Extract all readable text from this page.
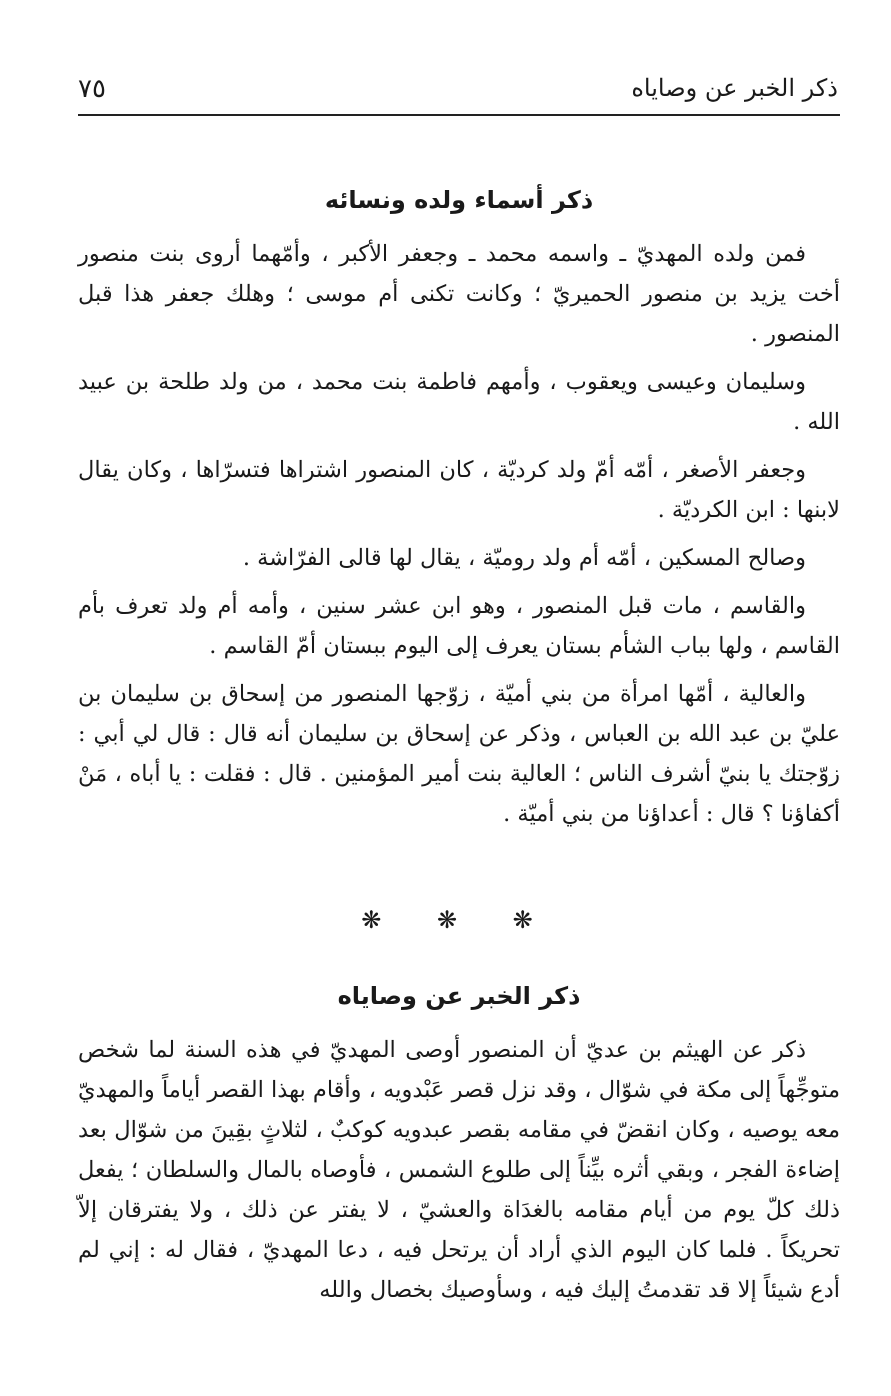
ذكر الخبر عن وصاياه
٧٥
ذكر أسماء ولده ونسائه

فمن ولده المهديّ ـ واسمه محمد ـ وجعفر الأكبر ، وأمّهما أروى بنت منصور أخت يزيد بن منصور الحميريّ ؛ وكانت تكنى أم موسى ؛ وهلك جعفر هذا قبل المنصور .

وسليمان وعيسى ويعقوب ، وأمهم فاطمة بنت محمد ، من ولد طلحة بن عبيد الله .

وجعفر الأصغر ، أمّه أمّ ولد كرديّة ، كان المنصور اشتراها فتسرّاها ، وكان يقال لابنها : ابن الكرديّة .

وصالح المسكين ، أمّه أم ولد روميّة ، يقال لها قالى الفرّاشة .

والقاسم ، مات قبل المنصور ، وهو ابن عشر سنين ، وأمه أم ولد تعرف بأم القاسم ، ولها بباب الشأم بستان يعرف إلى اليوم ببستان أمّ القاسم .

والعالية ، أمّها امرأة من بني أميّة ، زوّجها المنصور من إسحاق بن سليمان بن عليّ بن عبد الله بن العباس ، وذكر عن إسحاق بن سليمان أنه قال : قال لي أبي : زوّجتك يا بنيّ أشرف الناس ؛ العالية بنت أمير المؤمنين . قال : فقلت : يا أباه ، مَنْ أكفاؤنا ؟ قال : أعداؤنا من بني أميّة .

❋ ❋ ❋
ذكر الخبر عن وصاياه

ذكر عن الهيثم بن عديّ أن المنصور أوصى المهديّ في هذه السنة لما شخص متوجِّهاً إلى مكة في شوّال ، وقد نزل قصر عَبْدويه ، وأقام بهذا القصر أياماً والمهديّ معه يوصيه ، وكان انقضّ في مقامه بقصر عبدويه كوكبٌ ، لثلاثٍ بقِينَ من شوّال بعد إضاءة الفجر ، وبقي أثره بيِّناً إلى طلوع الشمس ، فأوصاه بالمال والسلطان ؛ يفعل ذلك كلّ يوم من أيام مقامه بالغدَاة والعشيّ ، لا يفتر عن ذلك ، ولا يفترقان إلاّ تحريكاً . فلما كان اليوم الذي أراد أن يرتحل فيه ، دعا المهديّ ، فقال له : إني لم أدع شيئاً إلا قد تقدمتُ إليك فيه ، وسأوصيك بخصال والله
